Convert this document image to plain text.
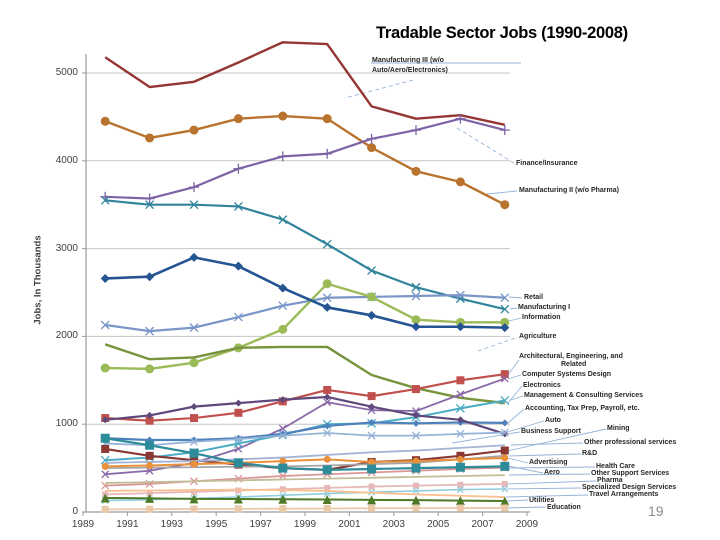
Tradable Sector Jobs (1990-2008)
Jobs, In Thousands
19
0
1000
2000
3000
4000
5000
1989	1991	1993	1995	1997	1999	2001	2003	2005	2007	2009
Manufacturing III (w/o
Auto/Aero/Electronics)
Finance/Insurance
Manufacturing II (w/o Pharma)
Retail
Manufacturing I
Information
Agriculture
Architectural, Engineering, and
Related
Computer Systems Design
Electronics
Management & Consulting Services
Accounting, Tax Prep, Payroll, etc.
Auto
Business Support	Mining
Other professional services
R&D
Advertising
Health Care
Aero	Other Support Services
Pharma
Specialized Design Services
Travel Arrangements
Utilities
Education
